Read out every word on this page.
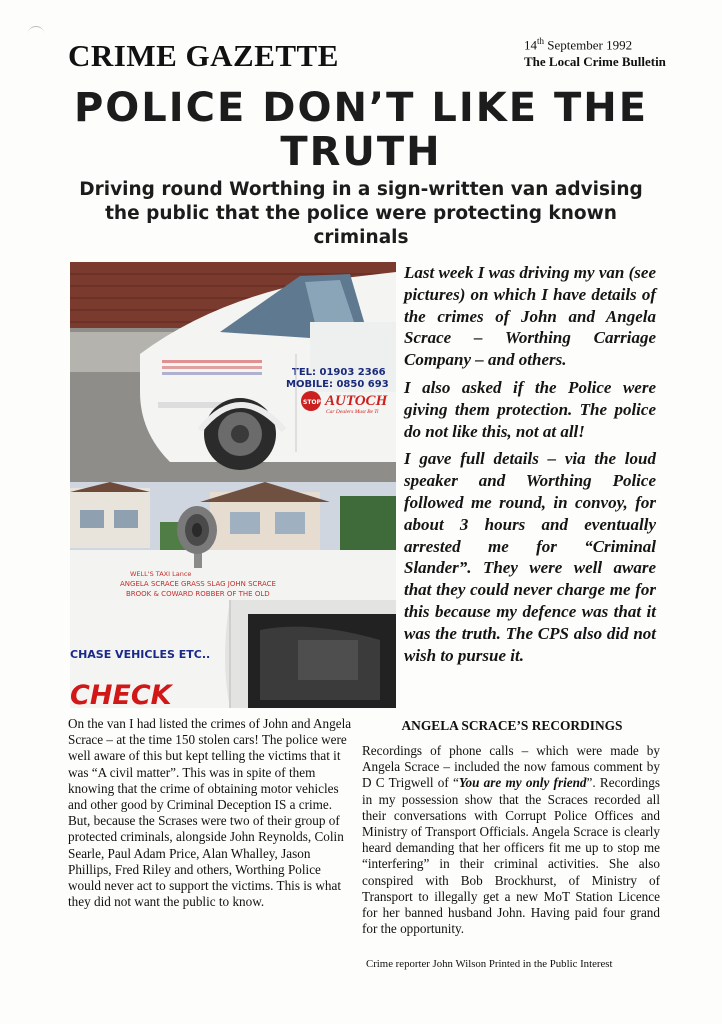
CRIME GAZETTE	14th September 1992
The Local Crime Bulletin
POLICE DON’T LIKE THE TRUTH
Driving round Worthing in a sign-written van advising the public that the police were protecting known criminals
TEL: 01903 2366
MOBILE: 0850 693
STOP AUTOCH
Car Dealers Must Be Ti
WELL'S TAXI Lance
ANGELA SCRACE GRASS SLAG JOHN SCRACE
BROOK & COWARD ROBBER OF THE OLD
CHASE VEHICLES ETC..
CHECK

Last week I was driving my van (see pictures) on which I have details of the crimes of John and Angela Scrace – Worthing Carriage Company – and others.

I also asked if the Police were giving them protection. The police do not like this, not at all!

I gave full details – via the loud speaker and Worthing Police followed me round, in convoy, for about 3 hours and eventually arrested me for “Criminal Slander”. They were well aware that they could never charge me for this because my defence was that it was the truth. The CPS also did not wish to pursue it.

On the van I had listed the crimes of John and Angela Scrace – at the time 150 stolen cars! The police were well aware of this but kept telling the victims that it was “A civil matter”. This was in spite of them knowing that the crime of obtaining motor vehicles and other good by Criminal Deception IS a crime. But, because the Scrases were two of their group of protected criminals, alongside John Reynolds, Colin Searle, Paul Adam Price, Alan Whalley, Jason Phillips, Fred Riley and others, Worthing Police would never act to support the victims. This is what they did not want the public to know.
ANGELA SCRACE’S RECORDINGS
Recordings of phone calls – which were made by Angela Scrace – included the now famous comment by D C Trigwell of “You are my only friend”. Recordings in my possession show that the Scraces recorded all their conversations with Corrupt Police Offices and Ministry of Transport Officials. Angela Scrace is clearly heard demanding that her officers fit me up to stop me “interfering” in their criminal activities. She also conspired with Bob Brockhurst, of Ministry of Transport to illegally get a new MoT Station Licence for her banned husband John. Having paid four grand for the opportunity.
Crime reporter John Wilson Printed in the Public Interest
